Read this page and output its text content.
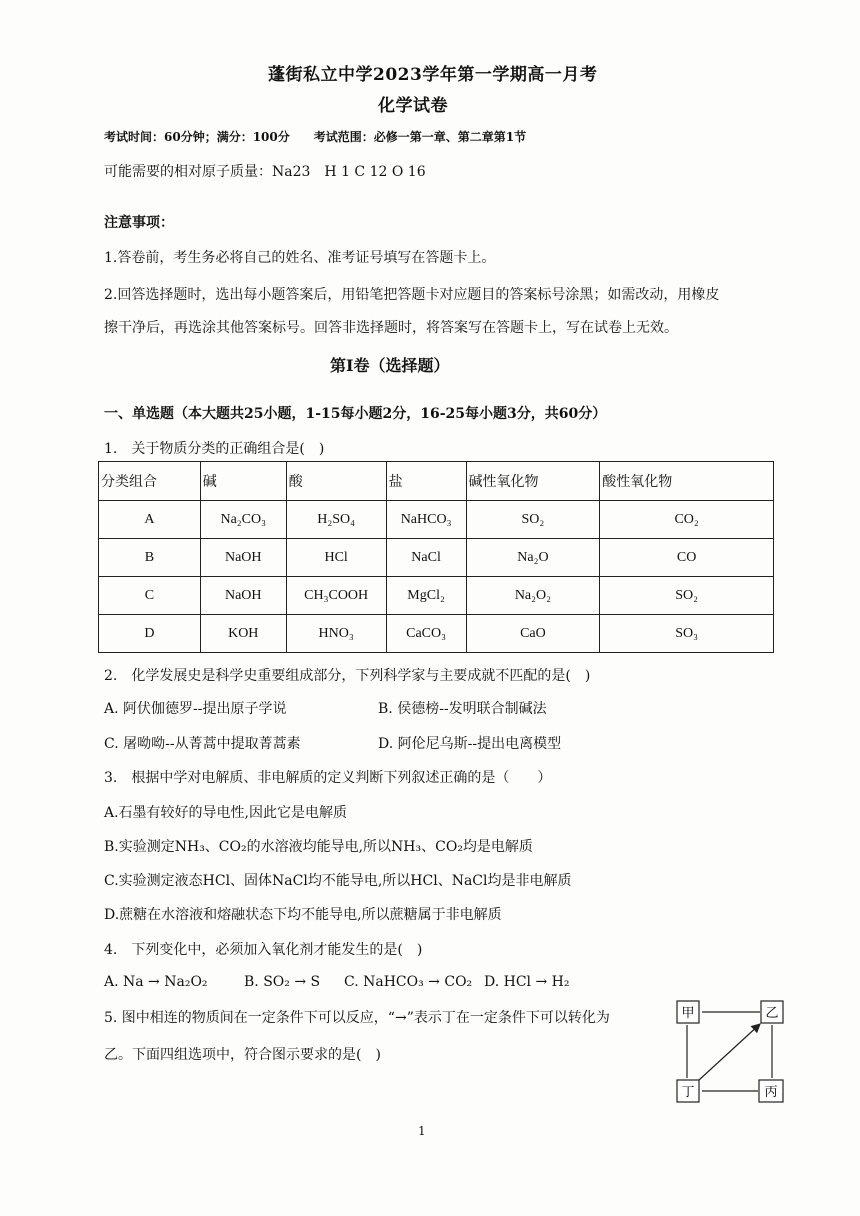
蓬街私立中学2023学年第一学期高一月考
化学试卷
考试时间：60分钟；满分：100分　　考试范围：必修一第一章、第二章第1节
可能需要的相对原子质量：Na23　H 1 C 12 O 16
注意事项：
1.答卷前，考生务必将自己的姓名、准考证号填写在答题卡上。
2.回答选择题时，选出每小题答案后，用铅笔把答题卡对应题目的答案标号涂黑；如需改动，用橡皮
擦干净后，再选涂其他答案标号。回答非选择题时，将答案写在答题卡上，写在试卷上无效。
第Ⅰ卷（选择题）
一、单选题（本大题共25小题，1-15每小题2分，16-25每小题3分，共60分）
1.　关于物质分类的正确组合是(　)
分类组合	碱	酸	盐	碱性氧化物	酸性氧化物
A	Na₂CO₃	H₂SO₄	NaHCO₃	SO₂	CO₂
B	NaOH	HCl	NaCl	Na₂O	CO
C	NaOH	CH₃COOH	MgCl₂	Na₂O₂	SO₂
D	KOH	HNO₃	CaCO₃	CaO	SO₃
2.　化学发展史是科学史重要组成部分，下列科学家与主要成就不匹配的是(　)
A. 阿伏伽德罗--提出原子学说	B. 侯德榜--发明联合制碱法
C. 屠呦呦--从菁蒿中提取菁蒿素	D. 阿伦尼乌斯--提出电离模型
3.　根据中学对电解质、非电解质的定义判断下列叙述正确的是（　　）
A.石墨有较好的导电性,因此它是电解质
B.实验测定NH₃、CO₂的水溶液均能导电,所以NH₃、CO₂均是电解质
C.实验测定液态HCl、固体NaCl均不能导电,所以HCl、NaCl均是非电解质
D.蔗糖在水溶液和熔融状态下均不能导电,所以蔗糖属于非电解质
4.　下列变化中，必须加入氧化剂才能发生的是(　)
A. Na → Na₂O₂	B. SO₂ → S C. NaHCO₃ → CO₂ D. HCl → H₂
5. 图中相连的物质间在一定条件下可以反应，“→”表示丁在一定条件下可以转化为
乙。下面四组选项中，符合图示要求的是(　)
甲	乙
丁	丙
1
